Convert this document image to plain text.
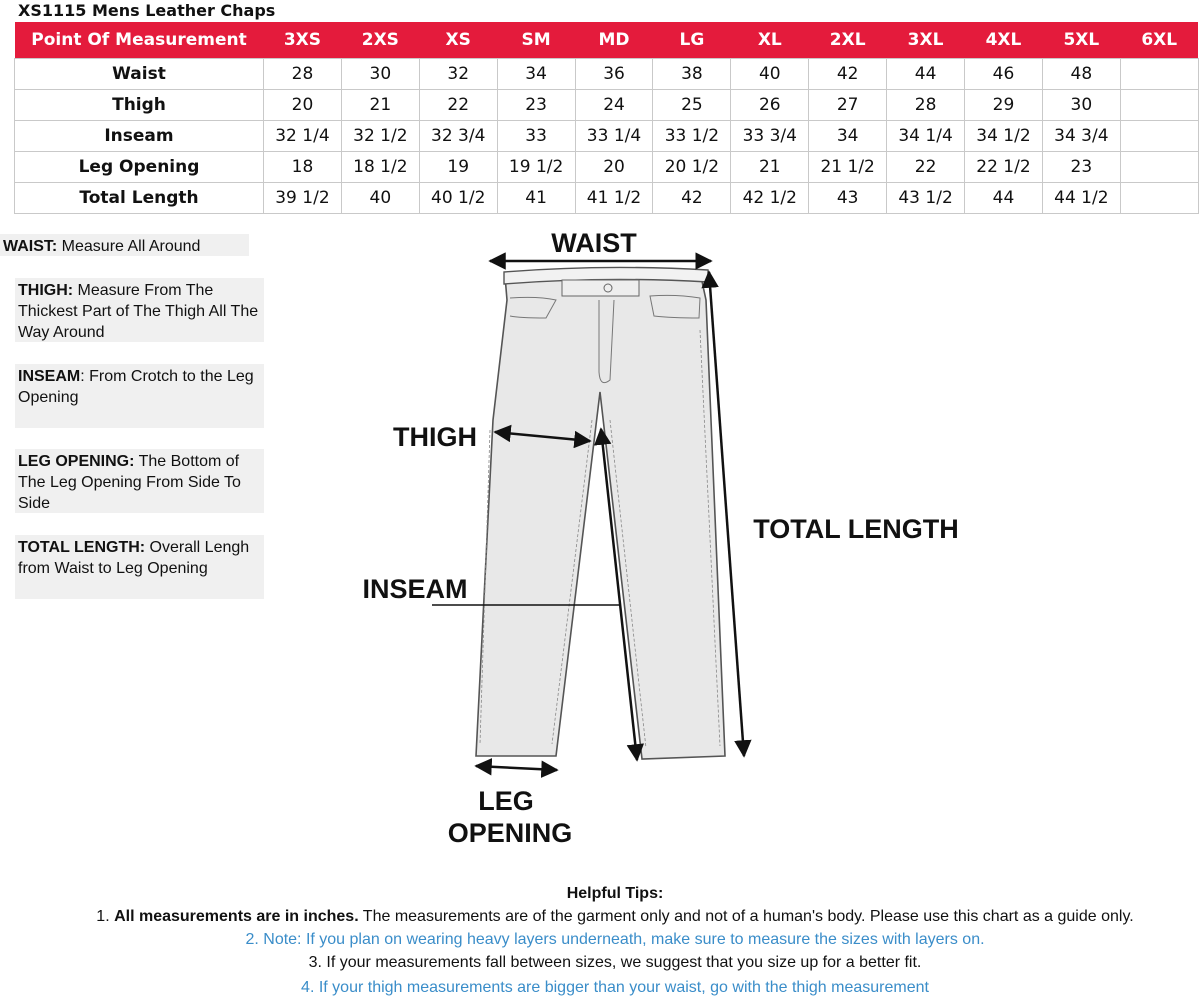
XS1115 Mens Leather Chaps
Point Of Measurement	3XS	2XS	XS	SM	MD	LG	XL	2XL	3XL	4XL	5XL	6XL
Waist	28	30	32	34	36	38	40	42	44	46	48	
Thigh	20	21	22	23	24	25	26	27	28	29	30	
Inseam	32 1/4	32 1/2	32 3/4	33	33 1/4	33 1/2	33 3/4	34	34 1/4	34 1/2	34 3/4	
Leg Opening	18	18 1/2	19	19 1/2	20	20 1/2	21	21 1/2	22	22 1/2	23	
Total Length	39 1/2	40	40 1/2	41	41 1/2	42	42 1/2	43	43 1/2	44	44 1/2	
WAIST: Measure All Around
THIGH: Measure From The Thickest Part of The Thigh All The Way Around
INSEAM: From Crotch to the Leg Opening
LEG OPENING: The Bottom of The Leg Opening From Side To Side
TOTAL LENGTH: Overall Lengh from Waist to Leg Opening
WAIST
THIGH
INSEAM
TOTAL LENGTH
LEG
OPENING
Helpful Tips:
1. All measurements are in inches. The measurements are of the garment only and not of a human's body. Please use this chart as a guide only.
2. Note: If you plan on wearing heavy layers underneath, make sure to measure the sizes with layers on.
3. If your measurements fall between sizes, we suggest that you size up for a better fit.
4. If your thigh measurements are bigger than your waist, go with the thigh measurement
